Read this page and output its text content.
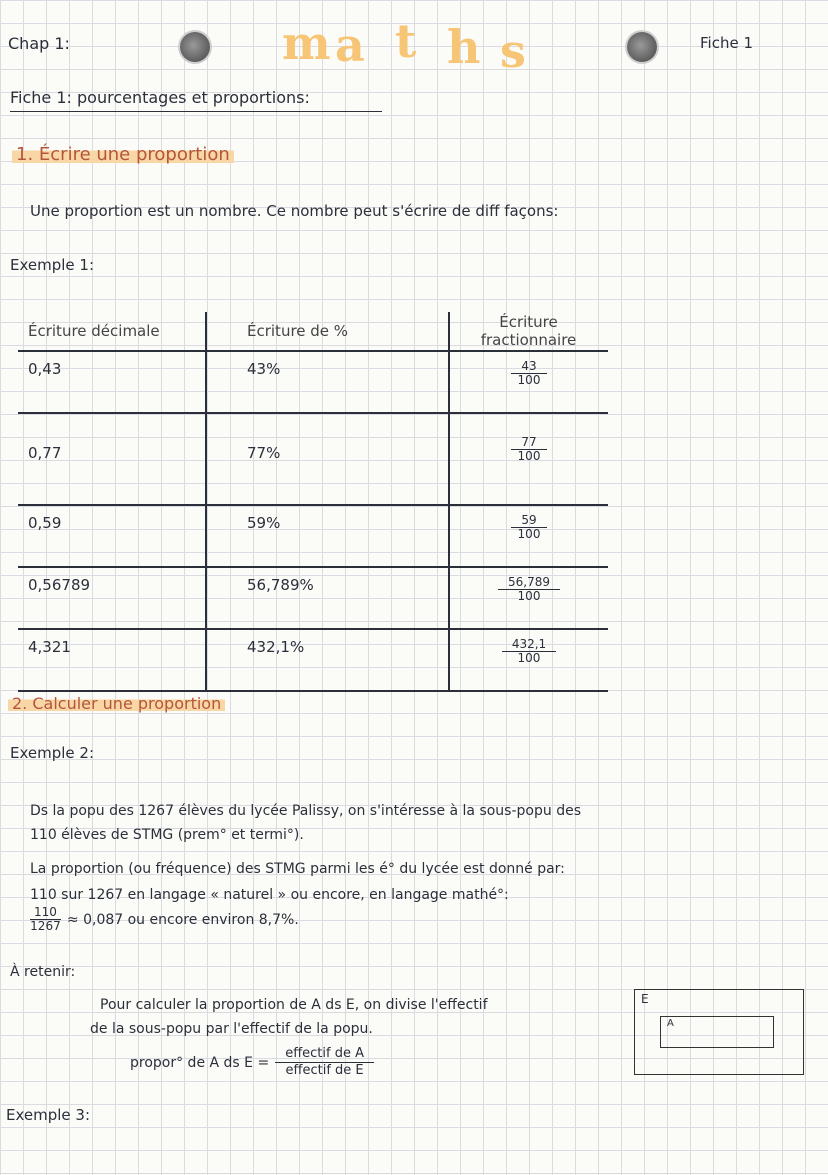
Chap 1:	m a t h s	Fiche 1
Fiche 1: pourcentages et proportions:
1. Écrire une proportion
Une proportion est un nombre. Ce nombre peut s'écrire de diff façons:
Exemple 1:
Écriture décimale	Écriture de %	Écriture fractionnaire
0,43	43%	$\frac{43}{100}$

0,77	77%	$\frac{77}{100}$

0,59	59%	$\frac{59}{100}$

0,56789	56,789%	$\frac{56,789}{100}$

4,321	432,1%	$\frac{432,1}{100}$
2. Calculer une proportion
Exemple 2:
Ds la popu des 1267 élèves du lycée Palissy, on s'intéresse à la sous-popu des
110 élèves de STMG (prem° et termi°).
La proportion (ou fréquence) des STMG parmi les é° du lycée est donné par:
110 sur 1267 en langage « naturel » ou encore, en langage mathé°:
$\frac{110}{1267} \approx 0,087$ ou encore environ 8,7%.
À retenir:
Pour calculer la proportion de A ds E, on divise l'effectif
de la sous-popu par l'effectif de la popu.
propor° de A ds $E = \frac{\text{effectif de A}}{\text{effectif de E}}$
E
A
Exemple 3:
